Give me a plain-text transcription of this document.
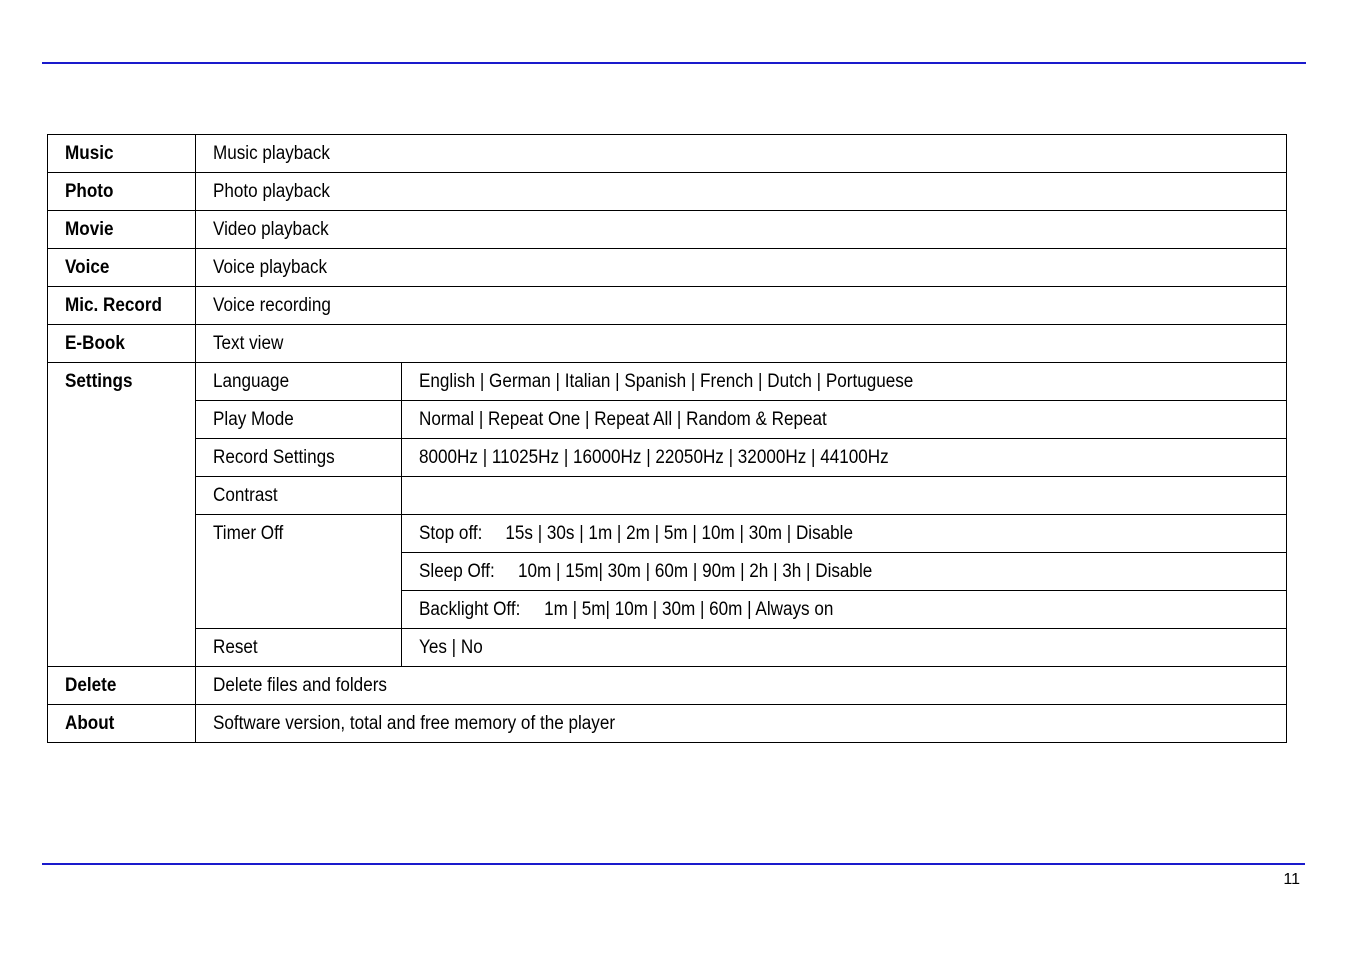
Music	Music playback	
Photo	Photo playback	
Movie	Video playback	
Voice	Voice playback	
Mic. Record	Voice recording	
E-Book	Text view	
Settings	Language	English | German | Italian | Spanish | French | Dutch | Portuguese
	Play Mode	Normal | Repeat One | Repeat All | Random & Repeat
	Record Settings	8000Hz | 11025Hz | 16000Hz | 22050Hz | 32000Hz | 44100Hz
	Contrast	
	Timer Off	Stop off: 15s | 30s | 1m | 2m | 5m | 10m | 30m | Disable
		Sleep Off: 10m | 15m| 30m | 60m | 90m | 2h | 3h | Disable
		Backlight Off: 1m | 5m| 10m | 30m | 60m | Always on
	Reset	Yes | No
Delete	Delete files and folders	
About	Software version, total and free memory of the player	
11
